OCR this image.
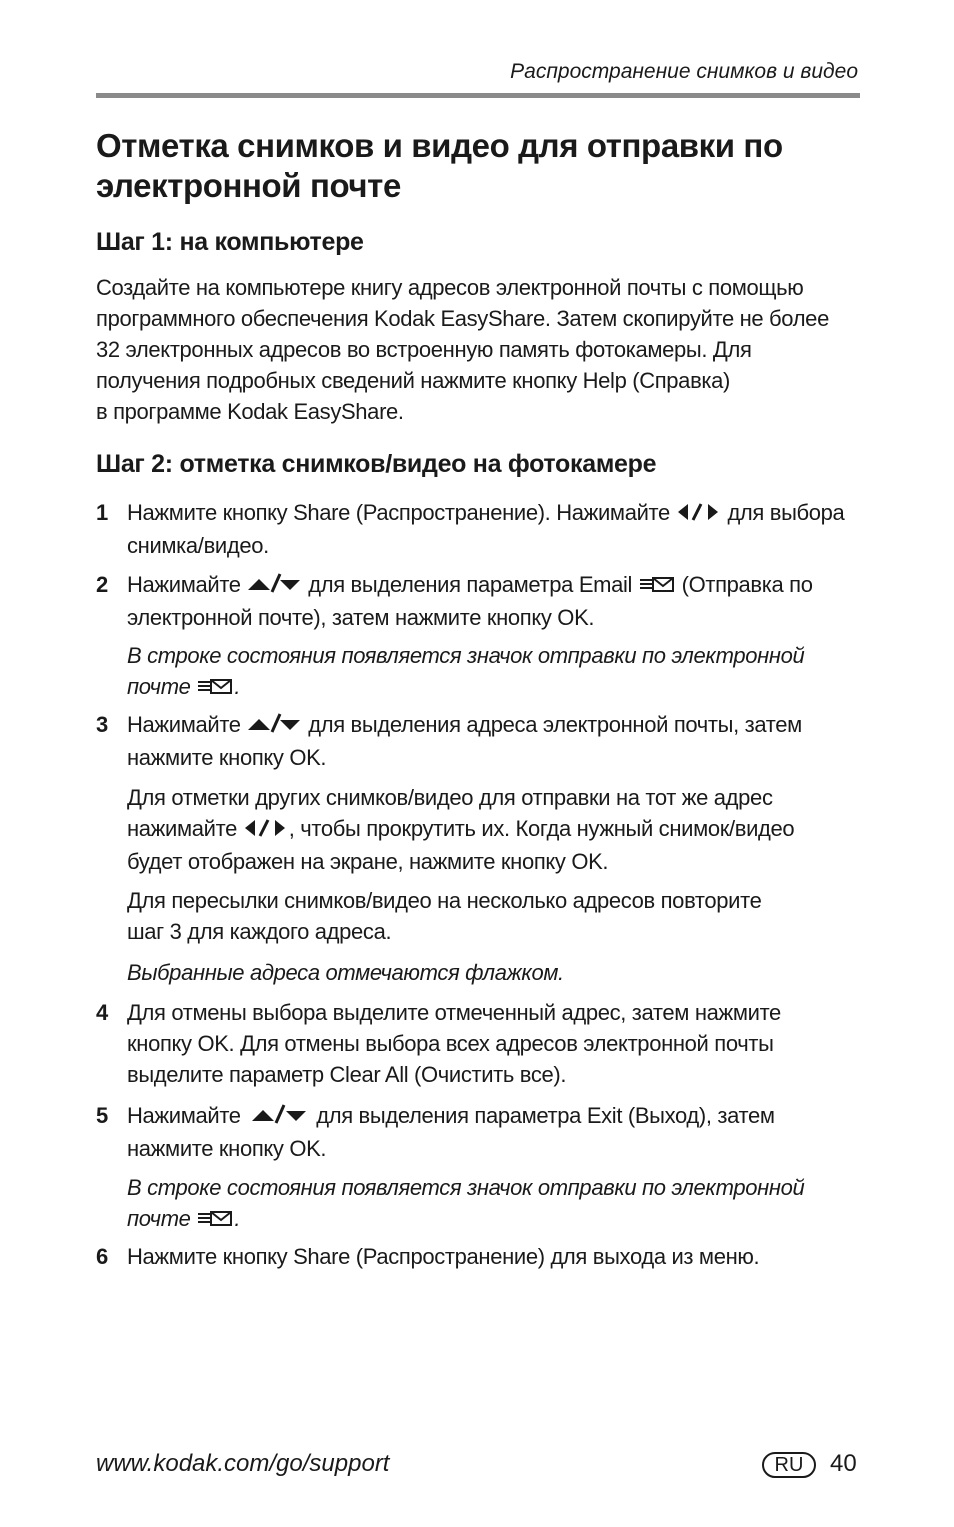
Распространение снимков и видео
Отметка снимков и видео для отправки по
электронной почте
Шаг 1: на компьютере

Создайте на компьютере книгу адресов электронной почты с помощью
программного обеспечения Kodak EasyShare. Затем скопируйте не более
32 электронных адресов во встроенную память фотокамеры. Для
получения подробных сведений нажмите кнопку Help (Справка)
в программе Kodak EasyShare.

Шаг 2: отметка снимков/видео на фотокамере
1 Нажмите кнопку Share (Распространение). Нажимайте	для выбора
снимка/видео.
2 Нажимайте	для выделения параметра Email (Отправка по
электронной почте), затем нажмите кнопку OK.
В строке состояния появляется значок отправки по электронной
почте .
3 Нажимайте	для выделения адреса электронной почты, затем
нажмите кнопку OK.
Для отметки других снимков/видео для отправки на тот же адрес
нажимайте , чтобы прокрутить их. Когда нужный снимок/видео
будет отображен на экране, нажмите кнопку OK.
Для пересылки снимков/видео на несколько адресов повторите
шаг 3 для каждого адреса.
Выбранные адреса отмечаются флажком.
4 Для отмены выбора выделите отмеченный адрес, затем нажмите
кнопку OK. Для отмены выбора всех адресов электронной почты
выделите параметр Clear All (Очистить все).
5 Нажимайте	для выделения параметра Exit (Выход), затем
нажмите кнопку OK.
В строке состояния появляется значок отправки по электронной
почте .
6 Нажмите кнопку Share (Распространение) для выхода из меню.
www.kodak.com/go/support	RU	40
